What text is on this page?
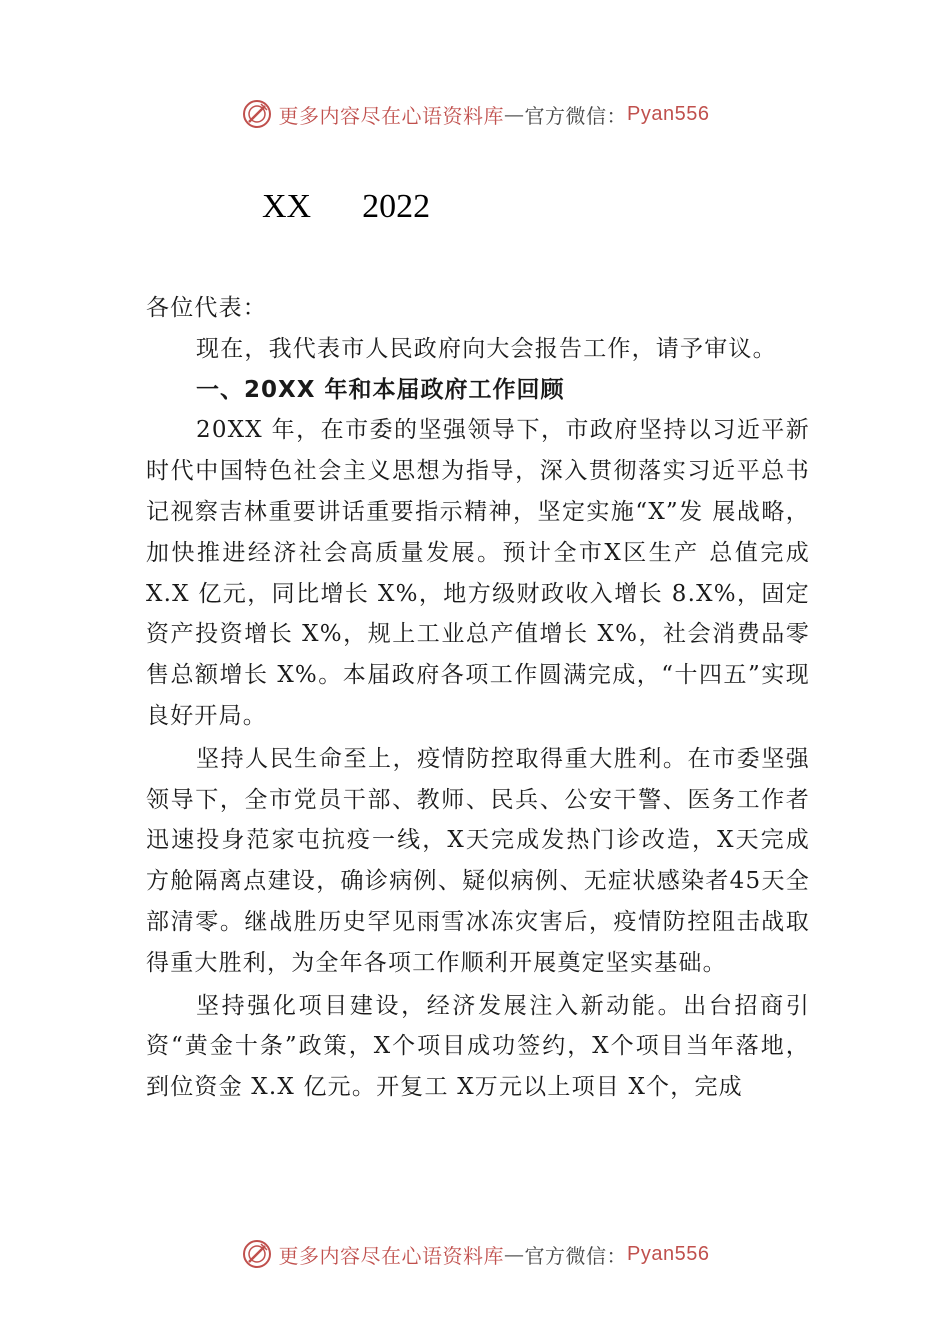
更多内容尽在心语资料库 — 官方微信： Pyan556
XX      2022

各位代表：

现在，我代表市人民政府向大会报告工作，请予审议。

一、20XX 年和本届政府工作回顾

20XX 年，在市委的坚强领导下，市政府坚持以习近平新时代中国特色社会主义思想为指导，深入贯彻落实习近平总书记视察吉林重要讲话重要指示精神，坚定实施“X”发 展战略，加快推进经济社会高质量发展。预计全市X区生产 总值完成 X.X 亿元，同比增长 X%，地方级财政收入增长 8.X%，固定资产投资增长 X%，规上工业总产值增长 X%，社会消费品零售总额增长 X%。本届政府各项工作圆满完成，“十四五”实现良好开局。

坚持人民生命至上，疫情防控取得重大胜利。在市委坚强领导下，全市党员干部、教师、民兵、公安干警、医务工作者迅速投身范家屯抗疫一线，X天完成发热门诊改造，X天完成方舱隔离点建设，确诊病例、疑似病例、无症状感染者45天全部清零。继战胜历史罕见雨雪冰冻灾害后，疫情防控阻击战取得重大胜利，为全年各项工作顺利开展奠定坚实基础。

坚持强化项目建设，经济发展注入新动能。出台招商引资“黄金十条”政策，X个项目成功签约，X个项目当年落地，到位资金 X.X 亿元。开复工 X万元以上项目 X个，完成

更多内容尽在心语资料库 — 官方微信： Pyan556
